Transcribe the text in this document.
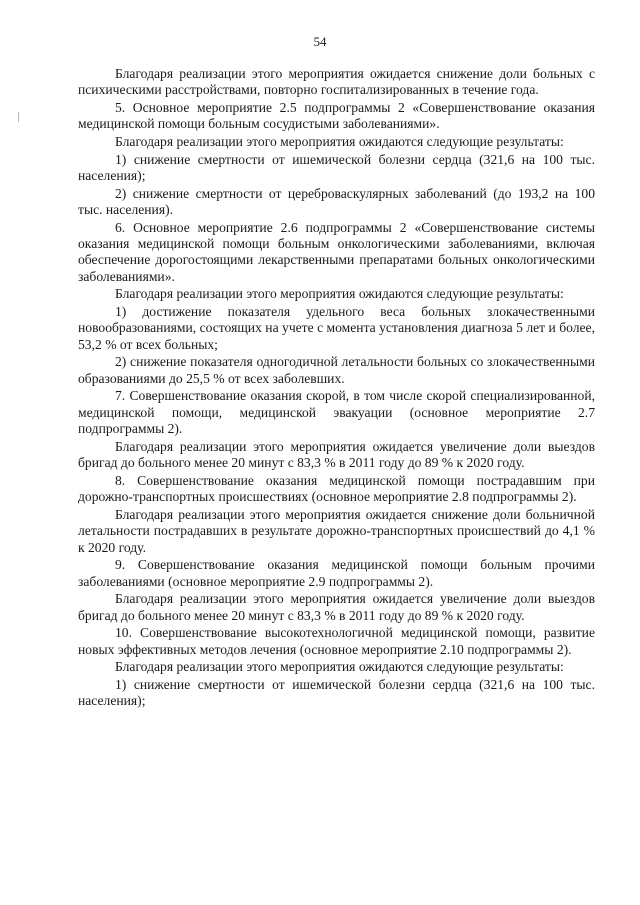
54

Благодаря реализации этого мероприятия ожидается снижение доли больных с психическими расстройствами, повторно госпитализированных в течение года.

5. Основное мероприятие 2.5 подпрограммы 2 «Совершенствование оказания медицинской помощи больным сосудистыми заболеваниями».

Благодаря реализации этого мероприятия ожидаются следующие результаты:

1) снижение смертности от ишемической болезни сердца (321,6 на 100 тыс. населения);

2) снижение смертности от цереброваскулярных заболеваний (до 193,2 на 100 тыс. населения).

6. Основное мероприятие 2.6 подпрограммы 2 «Совершенствование системы оказания медицинской помощи больным онкологическими заболеваниями, включая обеспечение дорогостоящими лекарственными препаратами больных онкологическими заболеваниями».

Благодаря реализации этого мероприятия ожидаются следующие результаты:

1) достижение показателя удельного веса больных злокачественными новообразованиями, состоящих на учете с момента установления диагноза 5 лет и более, 53,2 % от всех больных;

2) снижение показателя одногодичной летальности больных со злокачественными образованиями до 25,5 % от всех заболевших.

7. Совершенствование оказания скорой, в том числе скорой специализированной, медицинской помощи, медицинской эвакуации (основное мероприятие 2.7 подпрограммы 2).

Благодаря реализации этого мероприятия ожидается увеличение доли выездов бригад до больного менее 20 минут с 83,3 % в 2011 году до 89 % к 2020 году.

8. Совершенствование оказания медицинской помощи пострадавшим при дорожно-транспортных происшествиях (основное мероприятие 2.8 подпрограммы 2).

Благодаря реализации этого мероприятия ожидается снижение доли больничной летальности пострадавших в результате дорожно-транспортных происшествий до 4,1 % к 2020 году.

9. Совершенствование оказания медицинской помощи больным прочими заболеваниями (основное мероприятие 2.9 подпрограммы 2).

Благодаря реализации этого мероприятия ожидается увеличение доли выездов бригад до больного менее 20 минут с 83,3 % в 2011 году до 89 % к 2020 году.

10. Совершенствование высокотехнологичной медицинской помощи, развитие новых эффективных методов лечения (основное мероприятие 2.10 подпрограммы 2).

Благодаря реализации этого мероприятия ожидаются следующие результаты:

1) снижение смертности от ишемической болезни сердца (321,6 на 100 тыс. населения);
